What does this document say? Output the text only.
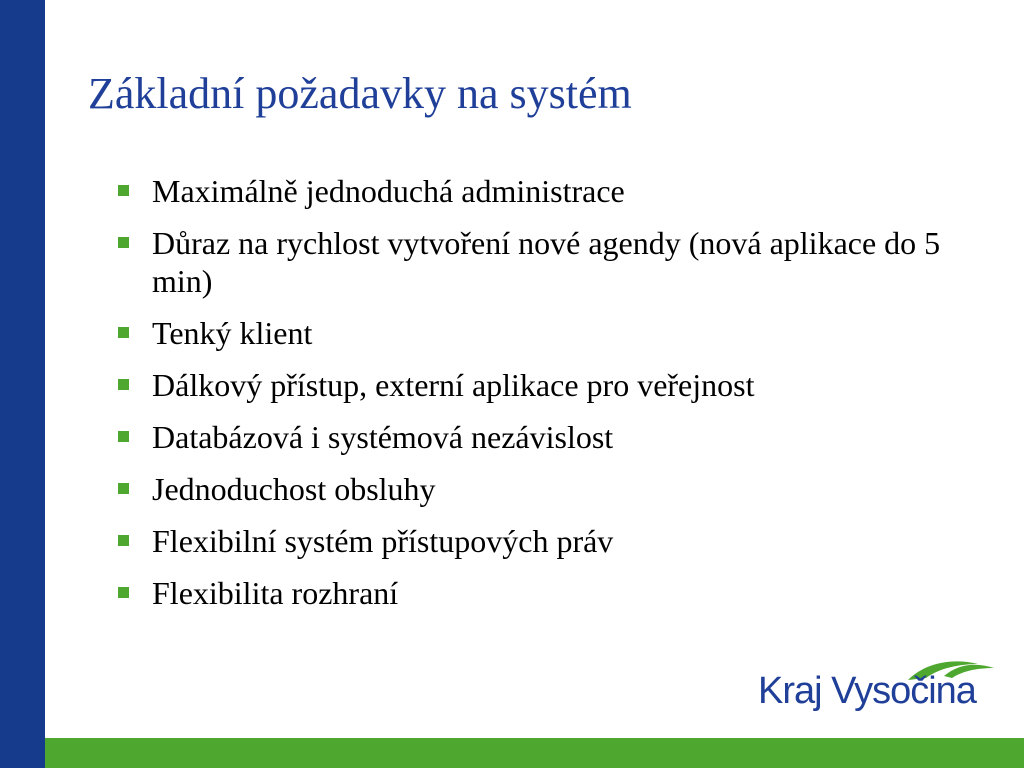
Základní požadavky na systém
Maximálně jednoduchá administrace
Důraz na rychlost vytvoření nové agendy (nová aplikace do 5 min)
Tenký klient
Dálkový přístup, externí aplikace pro veřejnost
Databázová i systémová nezávislost
Jednoduchost obsluhy
Flexibilní systém přístupových práv
Flexibilita rozhraní
Kraj Vysočina
